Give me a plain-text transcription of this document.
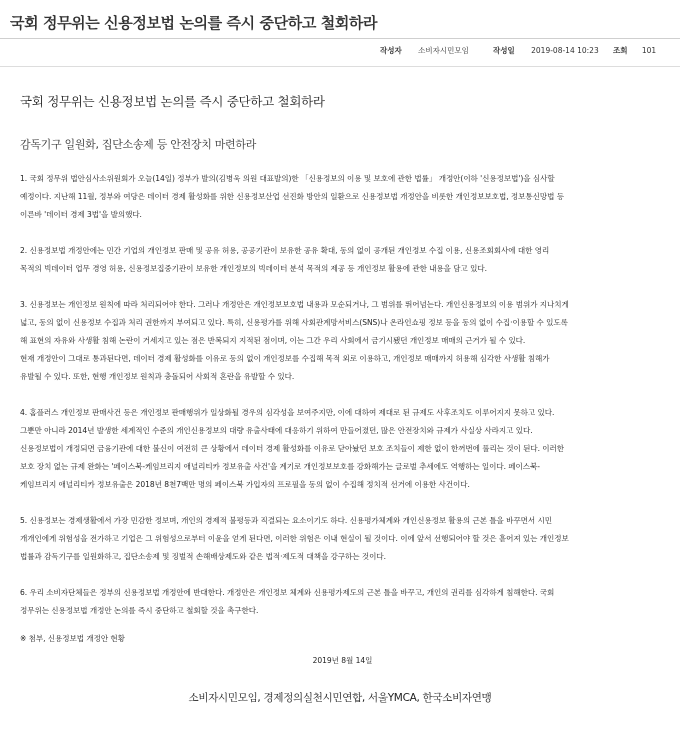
국회 정무위는 신용정보법 논의를 즉시 중단하고 철회하라
작성자 소비자시민모임	작성일 2019-08-14 10:23 조회 101

국회 정무위는 신용정보법 논의를 즉시 중단하고 철회하라

감독기구 일원화, 집단소송제 등 안전장치 마련하라

1. 국회 정무위 법안심사소위원회가 오늘(14일) 정부가 발의(김병욱 의원 대표발의)한 「신용정보의 이용 및 보호에 관한 법률」 개정안(이하 '신용정보법')을 심사할
예정이다. 지난해 11월, 정부와 여당은 데이터 경제 활성화를 위한 신용정보산업 선진화 방안의 일환으로 신용정보법 개정안을 비롯한 개인정보보호법, 정보통신망법 등
이른바 '데이터 경제 3법'을 발의했다.

2. 신용정보법 개정안에는 민간 기업의 개인정보 판매 및 공유 허용, 공공기관이 보유한 공유 확대, 동의 없이 공개된 개인정보 수집 이용, 신용조회회사에 대한 영리
목적의 빅데이터 업무 경영 허용, 신용정보집중기관이 보유한 개인정보의 빅데이터 분석 목적의 제공 등 개인정보 활용에 관한 내용을 담고 있다.

3. 신용정보는 개인정보 원칙에 따라 처리되어야 한다. 그러나 개정안은 개인정보보호법 내용과 모순되거나, 그 범위를 뛰어넘는다. 개인신용정보의 이용 범위가 지나치게
넓고, 동의 없이 신용정보 수집과 처리 권한까지 부여되고 있다. 특히, 신용평가를 위해 사회관계망서비스(SNS)나 온라인쇼핑 정보 등을 동의 없이 수집·이용할 수 있도록
해 표현의 자유와 사생활 침해 논란이 거세지고 있는 점은 반복되지 지적된 점이며, 이는 그간 우리 사회에서 금기시됐던 개인정보 매매의 근거가 될 수 있다.
현재 개정안이 그대로 통과된다면, 데이터 경제 활성화를 이유로 동의 없이 개인정보를 수집해 목적 외로 이용하고, 개인정보 매매까지 허용해 심각한 사생활 침해가
유발될 수 있다. 또한, 현행 개인정보 원칙과 충돌되어 사회적 혼란을 유발할 수 있다.

4. 홈플러스 개인정보 판매사건 등은 개인정보 판매행위가 일상화될 경우의 심각성을 보여주지만, 이에 대하여 제대로 된 규제도 사후조치도 이루어지지 못하고 있다.
그뿐만 아니라 2014년 발생한 세계적인 수준의 개인신용정보의 대량 유출사태에 대응하기 위하여 만들어졌던, 많은 안전장치와 규제가 사실상 사라지고 있다.
신용정보법이 개정되면 금융기관에 대한 불신이 여전히 큰 상황에서 데이터 경제 활성화를 이유로 닫아놨던 보호 조치들이 제한 없이 한꺼번에 풀리는 것이 된다. 이러한
보호 장치 없는 규제 완화는 '페이스북-케임브리지 애널리티카 정보유출 사건'을 계기로 개인정보보호를 강화해가는 글로벌 추세에도 역행하는 일이다. 페이스북-
케임브리지 애널리티카 정보유출은 2018년 8천7백만 명의 페이스북 가입자의 프로필을 동의 없이 수집해 정치적 선거에 이용한 사건이다.

5. 신용정보는 경제생활에서 가장 민감한 정보며, 개인의 경제적 불평등과 직결되는 요소이기도 하다. 신용평가체계와 개인신용정보 활용의 근본 틀을 바꾸면서 시민
개개인에게 위험성을 전가하고 기업은 그 위험성으로부터 이윤을 얻게 된다면, 이러한 위험은 이내 현실이 될 것이다. 이에 앞서 선행되어야 할 것은 흩어져 있는 개인정보
법률과 감독기구를 일원화하고, 집단소송제 및 징벌적 손해배상제도와 같은 법적·제도적 대책을 강구하는 것이다.

6. 우리 소비자단체들은 정부의 신용정보법 개정안에 반대한다. 개정안은 개인정보 체계와 신용평가제도의 근본 틀을 바꾸고, 개인의 권리를 심각하게 침해한다. 국회
정무위는 신용정보법 개정안 논의를 즉시 중단하고 철회할 것을 촉구한다.

※ 첨부, 신용정보법 개정안 현황

2019년 8월 14일

소비자시민모임, 경제정의실천시민연합, 서울YMCA, 한국소비자연맹
